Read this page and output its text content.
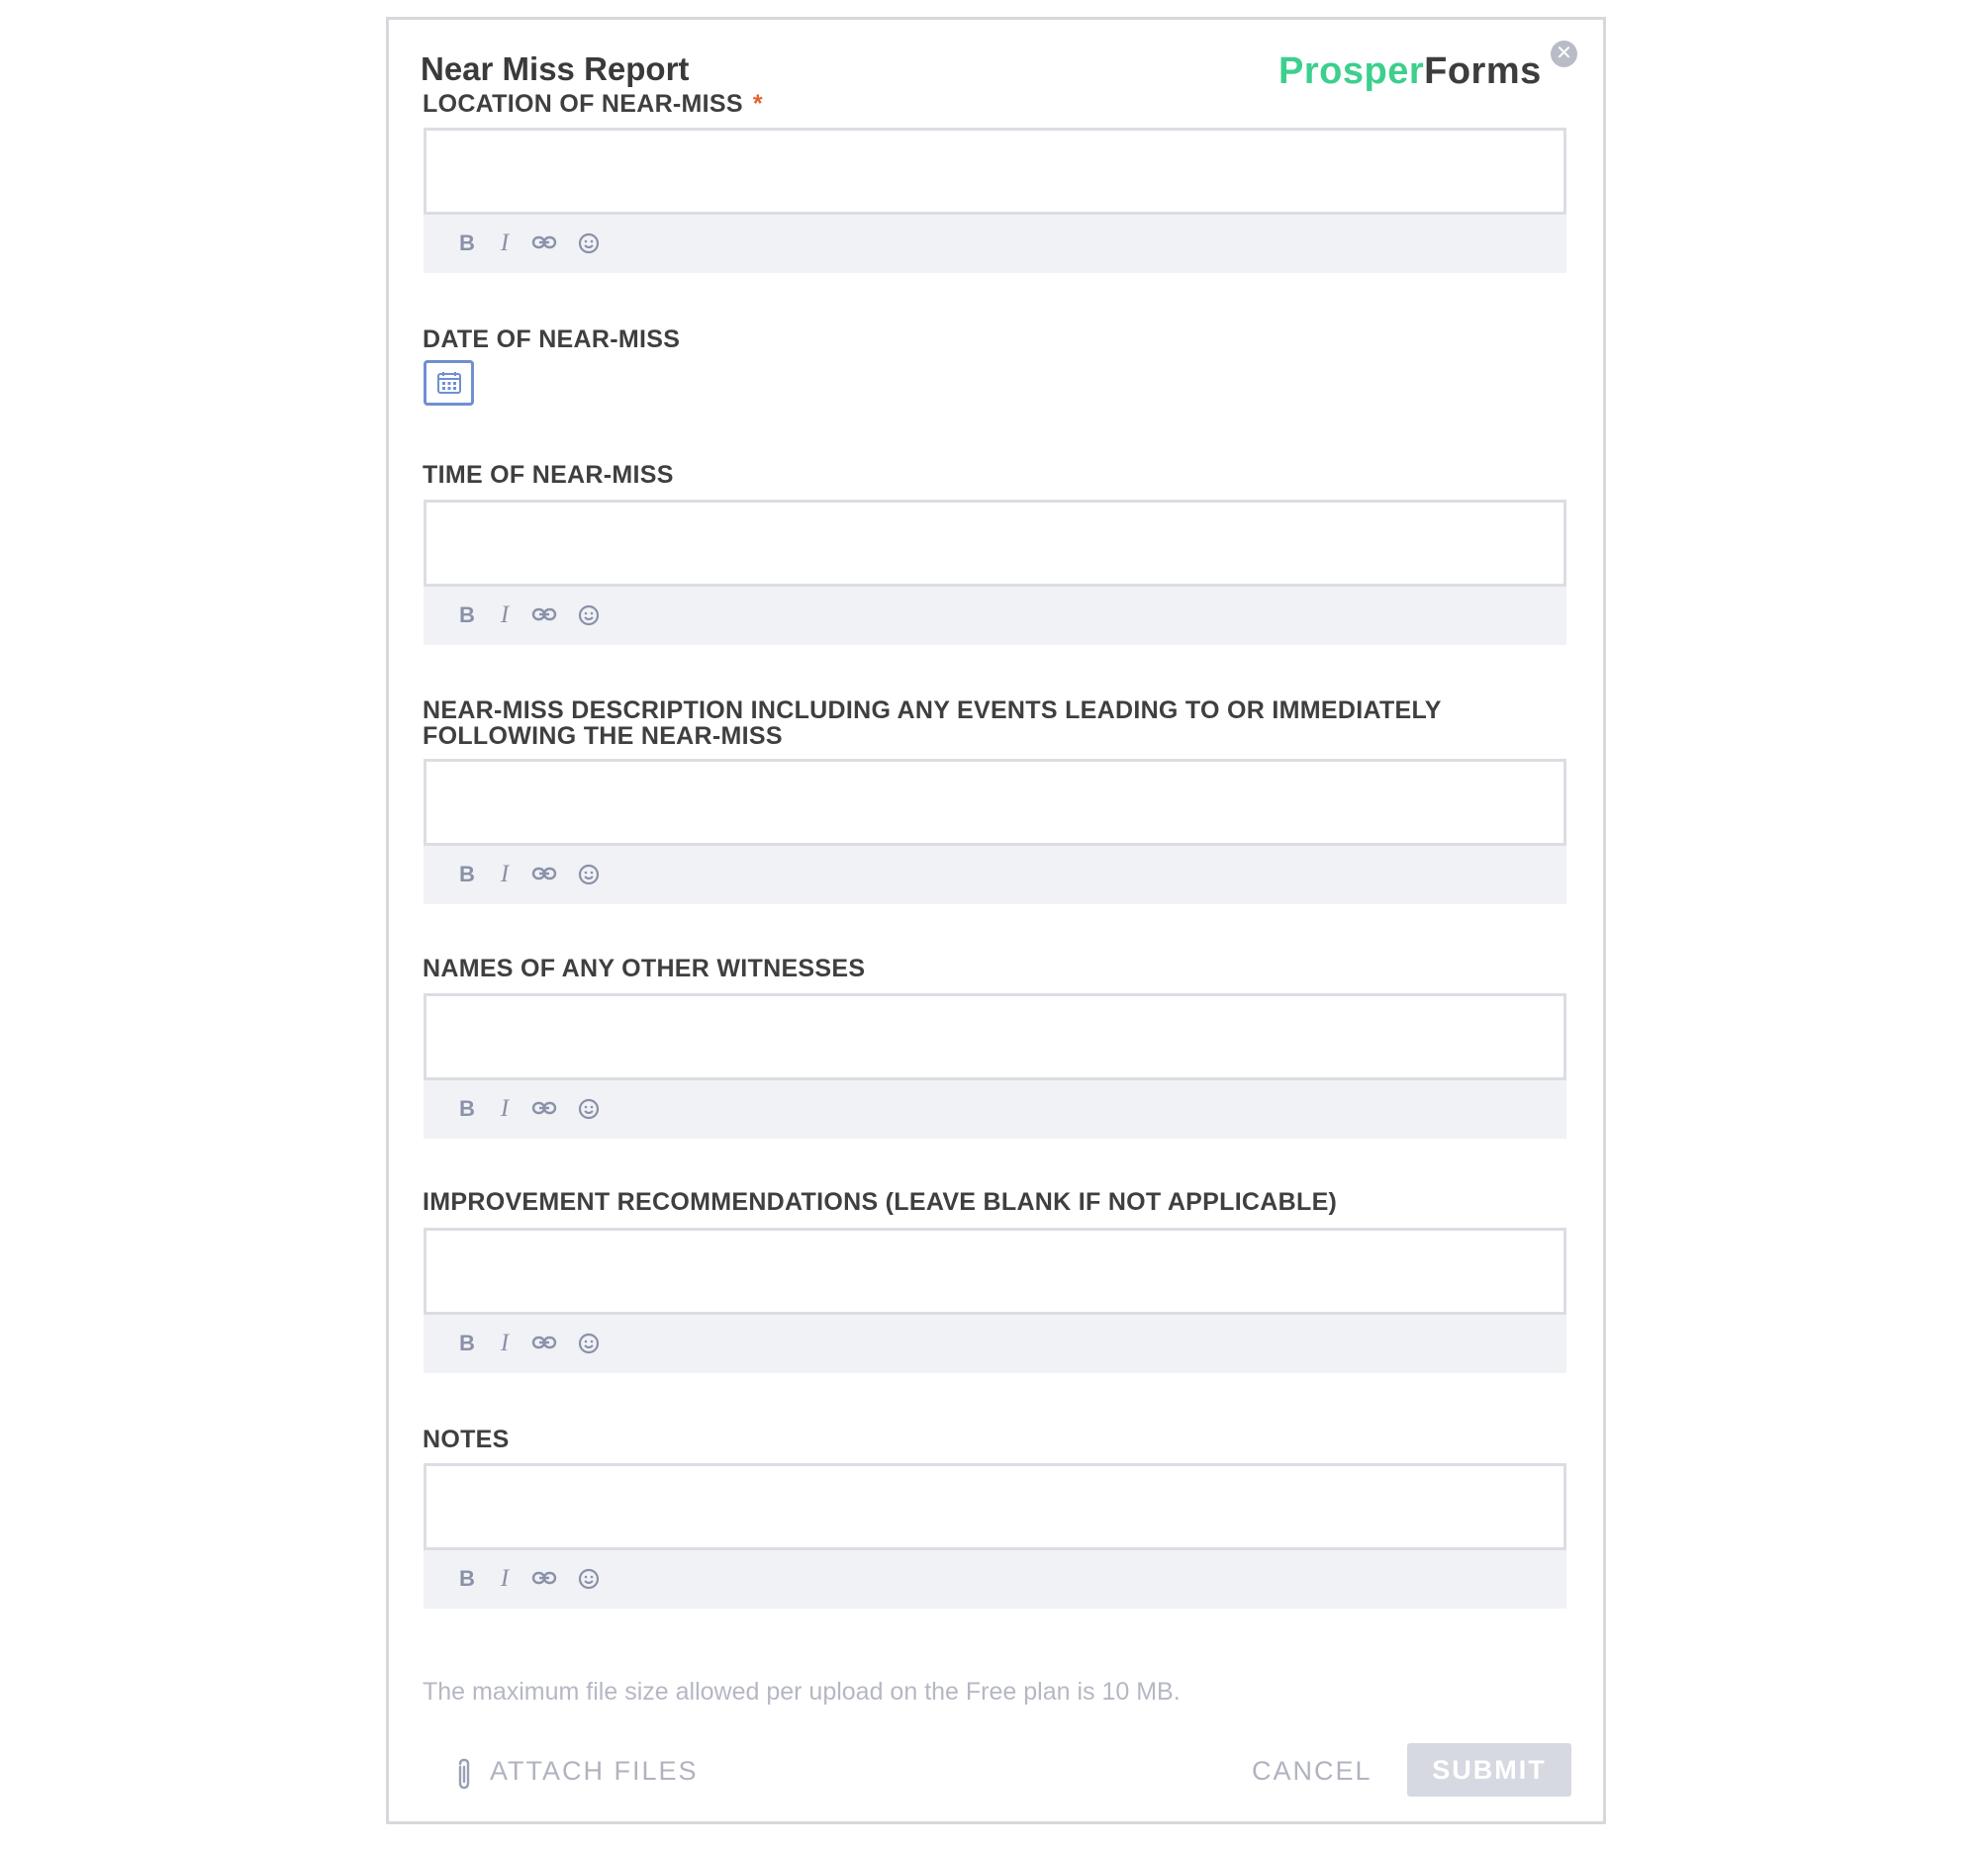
Near Miss Report	ProsperForms ✕
LOCATION OF NEAR-MISS *
B	I
DATE OF NEAR-MISS
TIME OF NEAR-MISS
B	I
NEAR-MISS DESCRIPTION INCLUDING ANY EVENTS LEADING TO OR IMMEDIATELY FOLLOWING THE NEAR-MISS
B	I
NAMES OF ANY OTHER WITNESSES
B	I
IMPROVEMENT RECOMMENDATIONS (LEAVE BLANK IF NOT APPLICABLE)
B	I
NOTES
B	I
The maximum file size allowed per upload on the Free plan is 10 MB.
ATTACH FILES	CANCEL	SUBMIT
